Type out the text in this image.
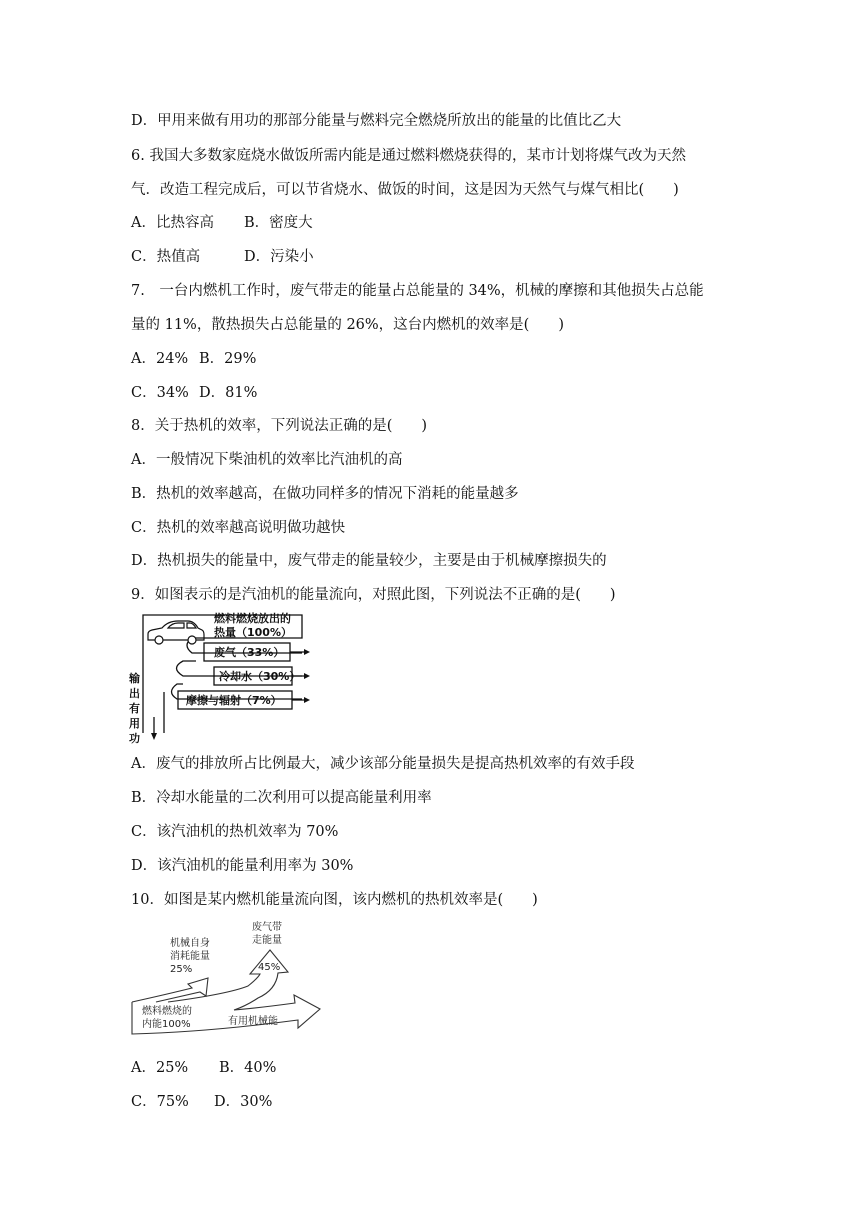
D．甲用来做有用功的那部分能量与燃料完全燃烧所放出的能量的比值比乙大
6. 我国大多数家庭烧水做饭所需内能是通过燃料燃烧获得的，某市计划将煤气改为天然
气．改造工程完成后，可以节省烧水、做饭的时间，这是因为天然气与煤气相比(　　)
A．比热容高 B．密度大
C．热值高	D．污染小
7.　一台内燃机工作时，废气带走的能量占总能量的 34%，机械的摩擦和其他损失占总能
量的 11%，散热损失占总能量的 26%，这台内燃机的效率是(　　)
A．24% B．29%
C．34% D．81%
8．关于热机的效率，下列说法正确的是(　　)
A．一般情况下柴油机的效率比汽油机的高
B．热机的效率越高，在做功同样多的情况下消耗的能量越多
C．热机的效率越高说明做功越快
D．热机损失的能量中，废气带走的能量较少，主要是由于机械摩擦损失的
9．如图表示的是汽油机的能量流向，对照此图，下列说法不正确的是(　　)
燃料燃烧放出的
热量（100%）
废气（33%）
冷却水（30%）
摩擦与辐射（7%）
输
出
有
用
功
A．废气的排放所占比例最大，减少该部分能量损失是提高热机效率的有效手段
B．冷却水能量的二次利用可以提高能量利用率
C．该汽油机的热机效率为 70%
D．该汽油机的能量利用率为 30%
10．如图是某内燃机能量流向图，该内燃机的热机效率是(　　)
机械自身
消耗能量
25%
废气带
走能量
45%
燃料燃烧的
内能100%	有用机械能
A．25% B．40%
C．75% D．30%
